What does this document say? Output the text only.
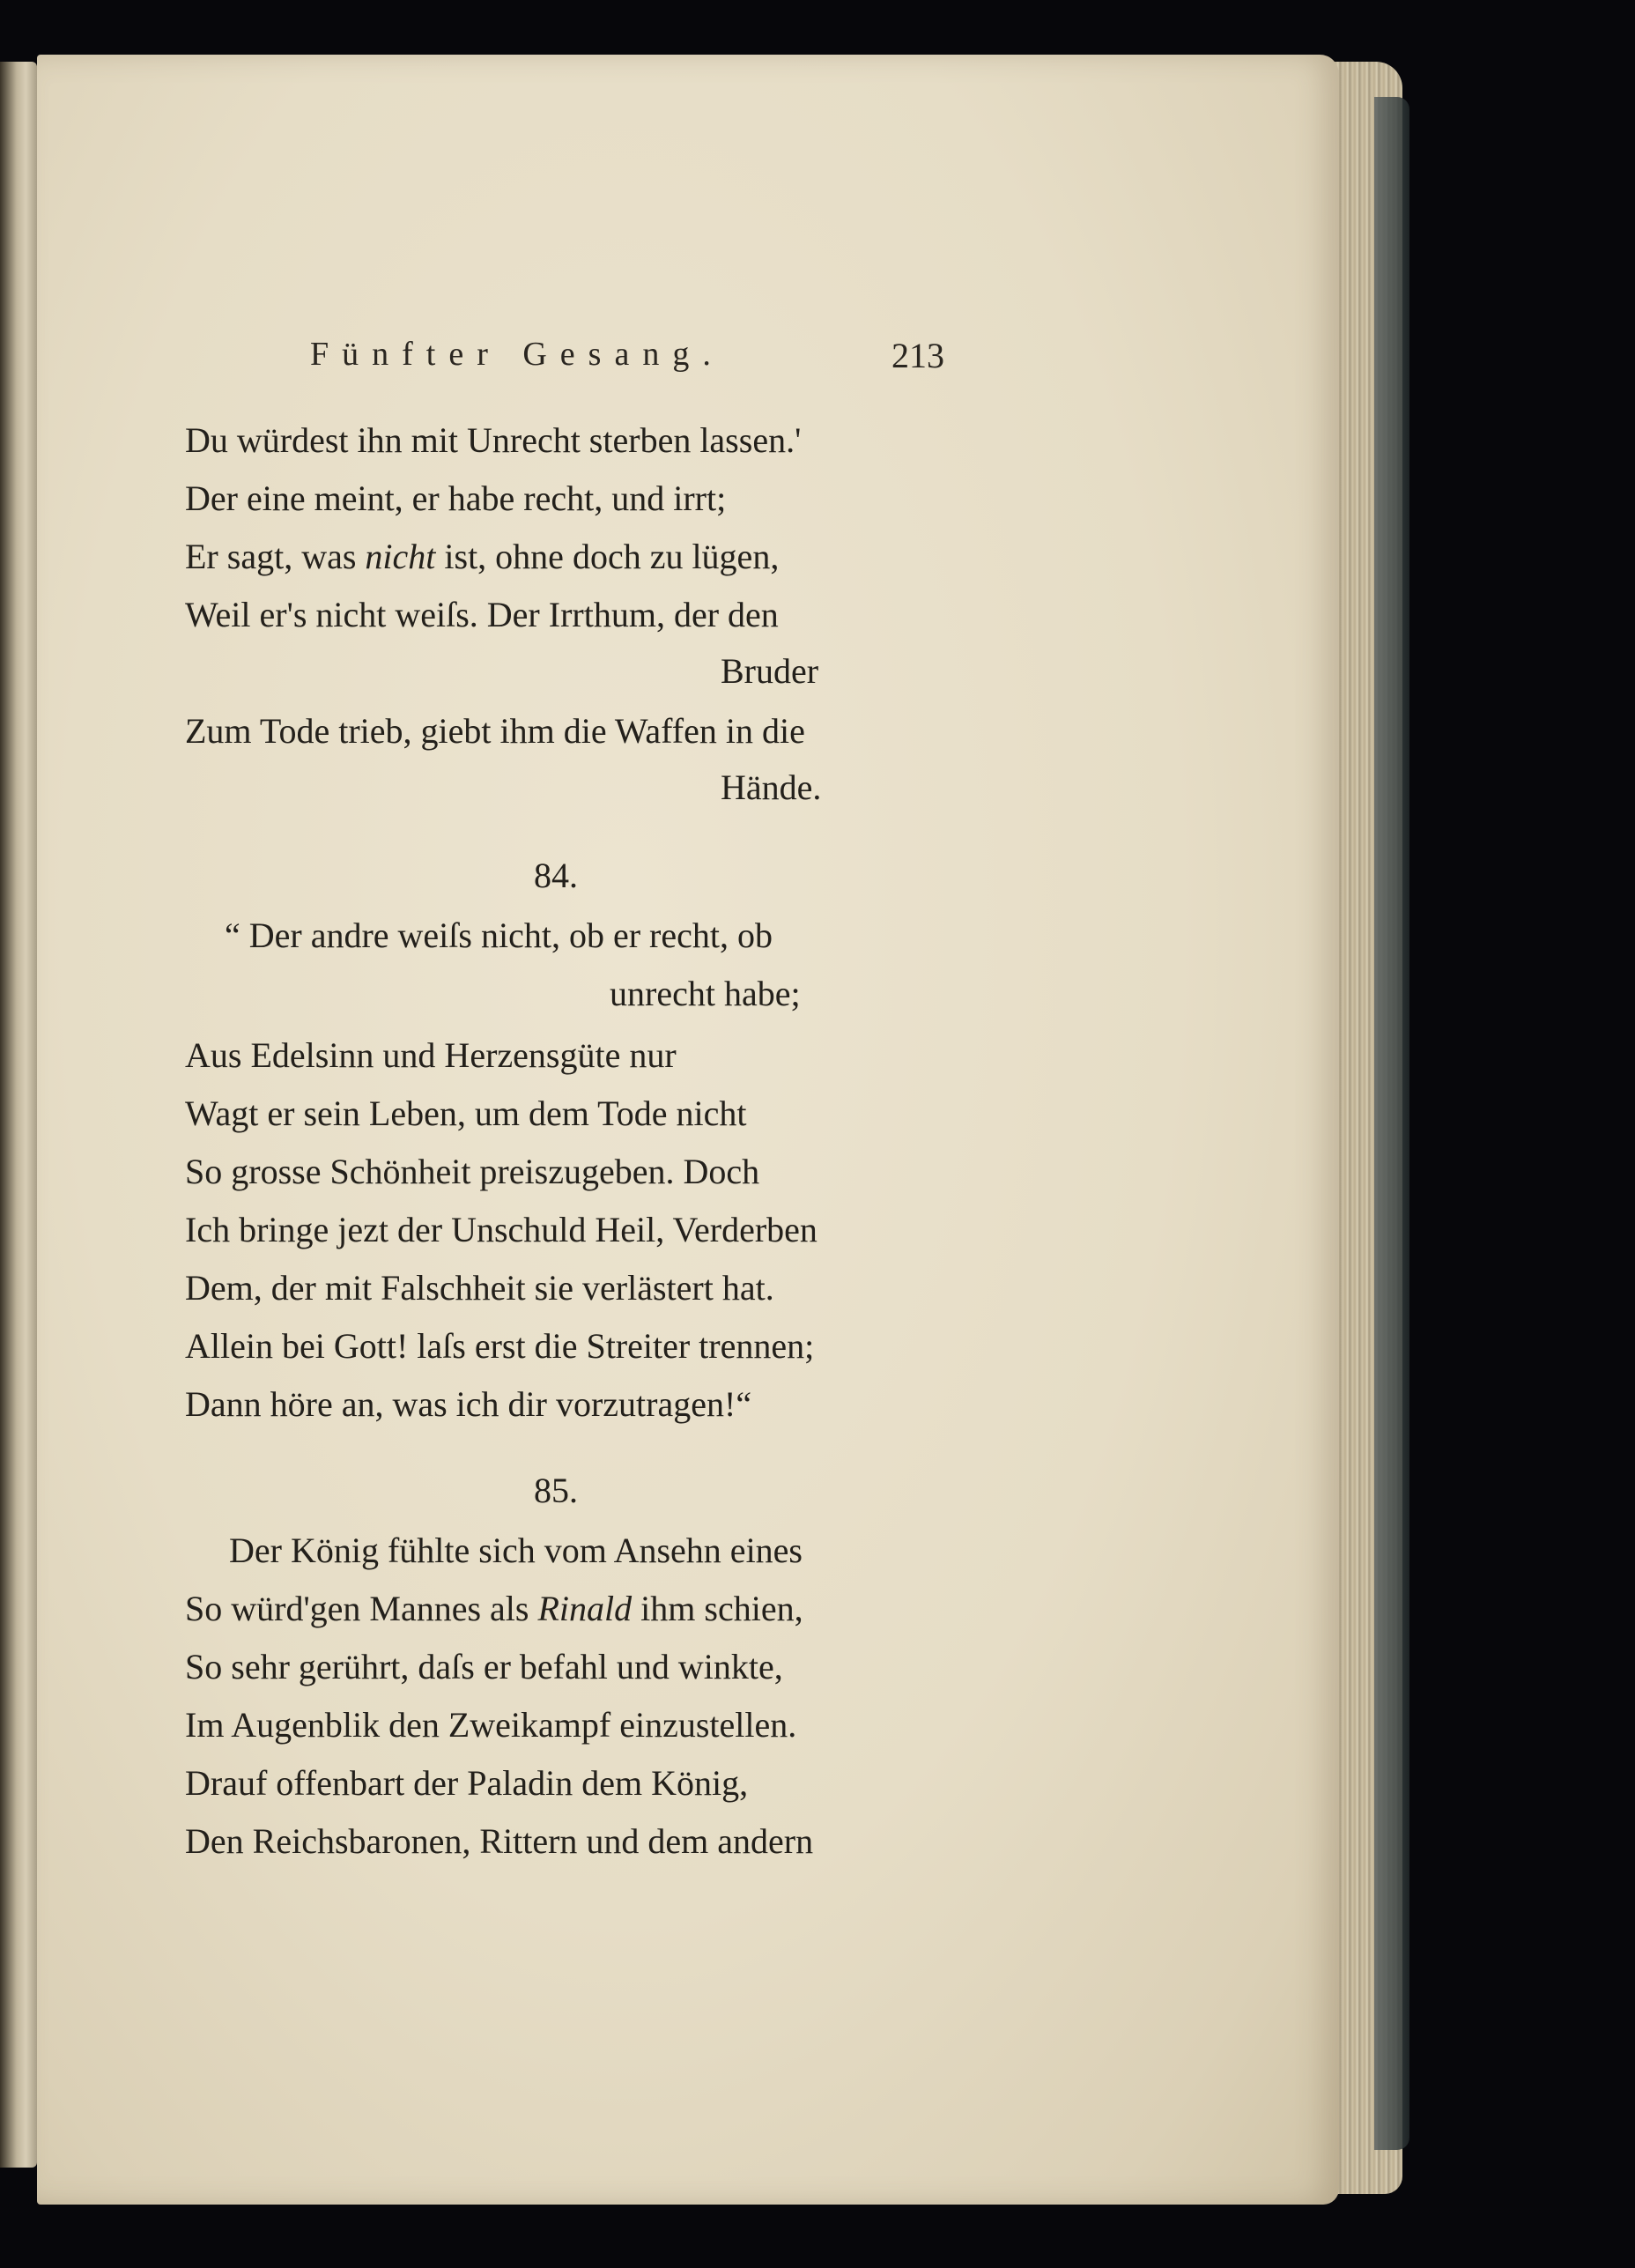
Fünfter Gesang.	213
Du würdest ihn mit Unrecht sterben lassen.'
Der eine meint, er habe recht, und irrt;
Er sagt, was nicht ist, ohne doch zu lügen,
Weil er's nicht weiſs. Der Irrthum, der den
Bruder
Zum Tode trieb, giebt ihm die Waffen in die
Hände.
84.
“ Der andre weiſs nicht, ob er recht, ob
unrecht habe;
Aus Edelsinn und Herzensgüte nur
Wagt er sein Leben, um dem Tode nicht
So grosse Schönheit preiszugeben. Doch
Ich bringe jezt der Unschuld Heil, Verderben
Dem, der mit Falschheit sie verlästert hat.
Allein bei Gott! laſs erst die Streiter trennen;
Dann höre an, was ich dir vorzutragen!“
85.
Der König fühlte sich vom Ansehn eines
So würd'gen Mannes als Rinald ihm schien,
So sehr gerührt, daſs er befahl und winkte,
Im Augenblik den Zweikampf einzustellen.
Drauf offenbart der Paladin dem König,
Den Reichsbaronen, Rittern und dem andern
